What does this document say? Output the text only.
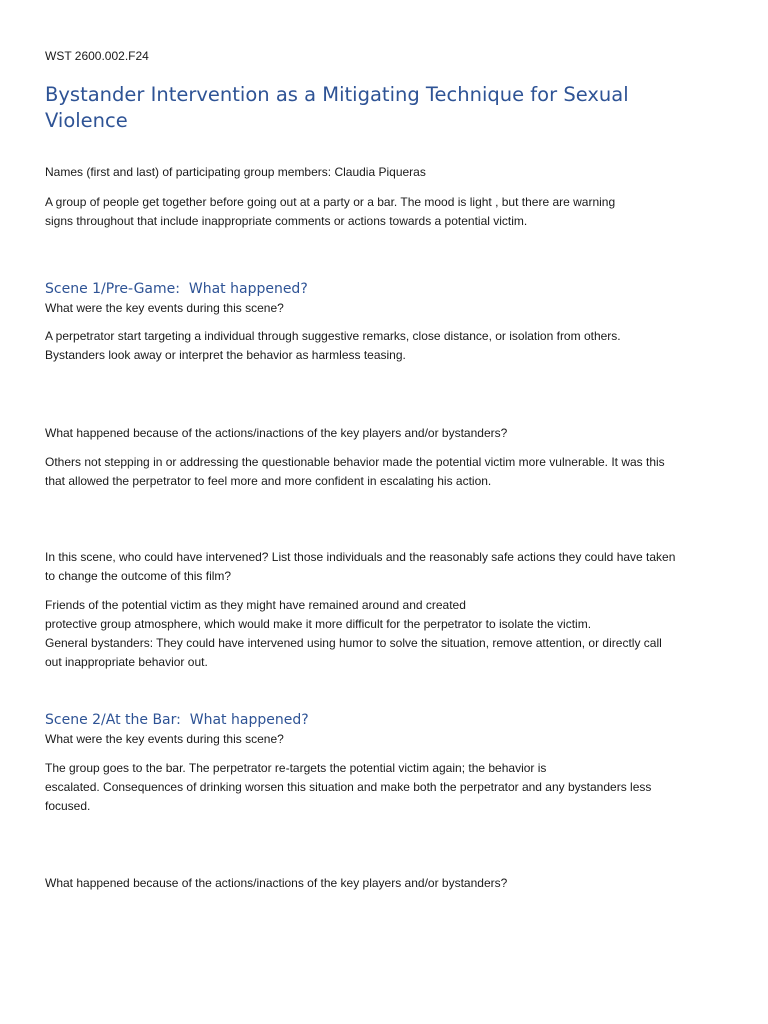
WST 2600.002.F24
Bystander Intervention as a Mitigating Technique for Sexual
Violence

Names (first and last) of participating group members: Claudia Piqueras

A group of people get together before going out at a party or a bar. The mood is light , but there are warning
signs throughout that include inappropriate comments or actions towards a potential victim.

Scene 1/Pre-Game:  What happened?

What were the key events during this scene?

A perpetrator start targeting a individual through suggestive remarks, close distance, or isolation from others.
Bystanders look away or interpret the behavior as harmless teasing.

What happened because of the actions/inactions of the key players and/or bystanders?

Others not stepping in or addressing the questionable behavior made the potential victim more vulnerable. It was this
that allowed the perpetrator to feel more and more confident in escalating his action.

In this scene, who could have intervened? List those individuals and the reasonably safe actions they could have taken
to change the outcome of this film?

Friends of the potential victim as they might have remained around and created
protective group atmosphere, which would make it more difficult for the perpetrator to isolate the victim.
General bystanders: They could have intervened using humor to solve the situation, remove attention, or directly call
out inappropriate behavior out.

Scene 2/At the Bar:  What happened?

What were the key events during this scene?

The group goes to the bar. The perpetrator re-targets the potential victim again; the behavior is
escalated. Consequences of drinking worsen this situation and make both the perpetrator and any bystanders less
focused.

What happened because of the actions/inactions of the key players and/or bystanders?
